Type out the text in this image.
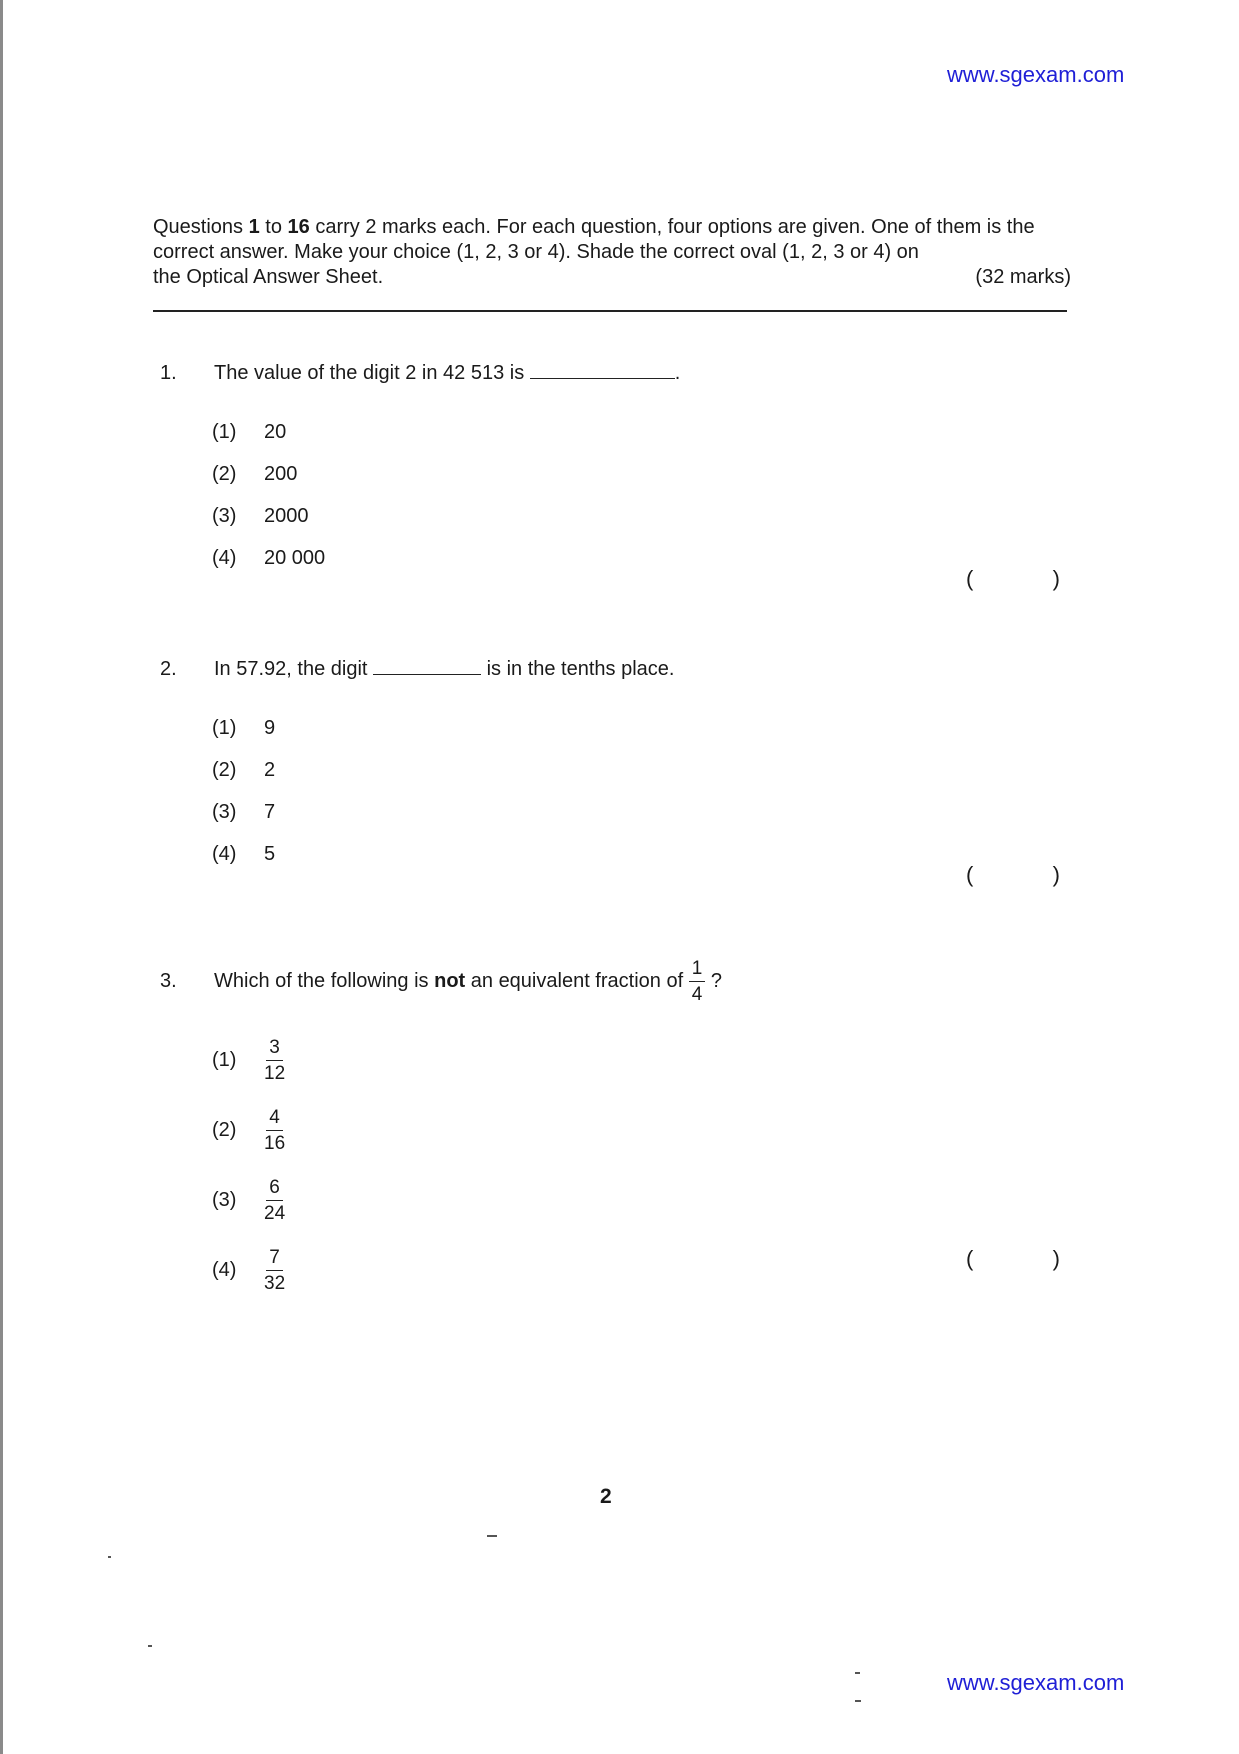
www.sgexam.com
Questions 1 to 16 carry 2 marks each. For each question, four options are given. One of them is the correct answer. Make your choice (1, 2, 3 or 4). Shade the correct oval (1, 2, 3 or 4) on
the Optical Answer Sheet.	(32 marks)
1.	The value of the digit 2 in 42 513 is	.
(1)	20
(2)	200
(3)	2000
(4)	20 000
(	)
2.	In 57.92, the digit	is in the tenths place.
(1)	9
(2)	2
(3)	7
(4)	5
(	)
3.	Which of the following is not an equivalent fraction of $\frac{1}{4}$ ?
(1)	$\frac{3}{12}$
(2)	$\frac{4}{16}$
(3)	$\frac{6}{24}$
(4)	$\frac{7}{32}$	(	)
2
www.sgexam.com
